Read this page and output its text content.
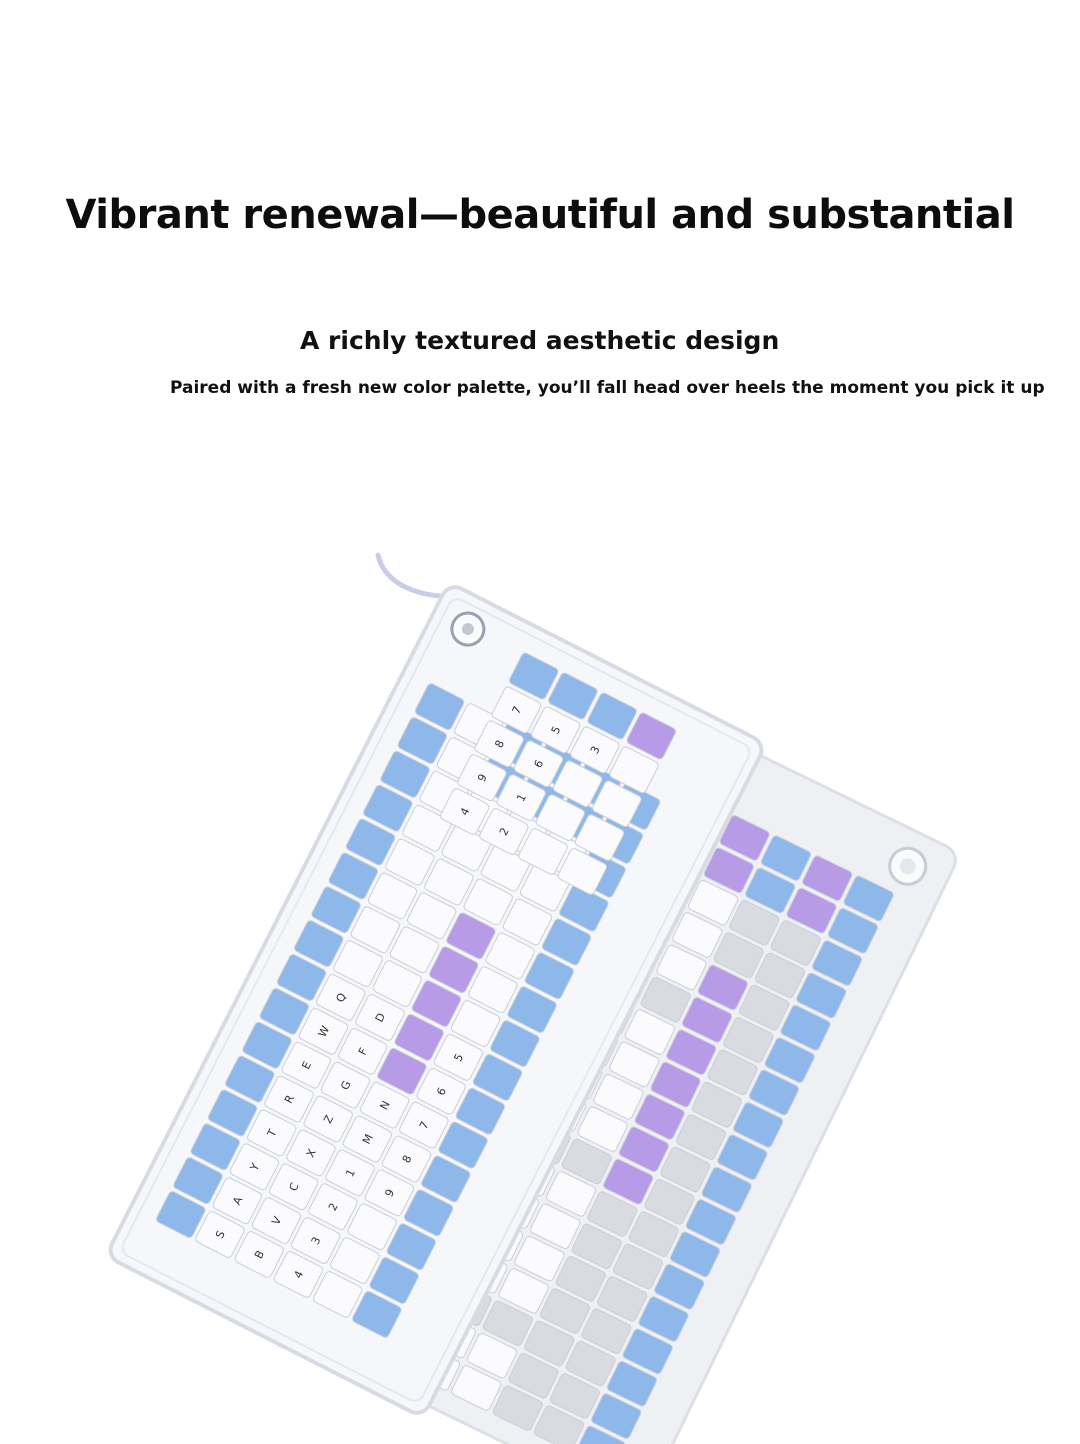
Vibrant renewal—beautiful and substantial
A richly textured aesthetic design

Paired with a fresh new color palette, you’ll fall head over heels the moment you pick it up

Q
W
E
R
T
Y
A
S
D
F
G
Z
X
C
V
B
N
M
1
2
3
4
5
6
7
8
9
7
8
9
4
5
6
1
2
3
